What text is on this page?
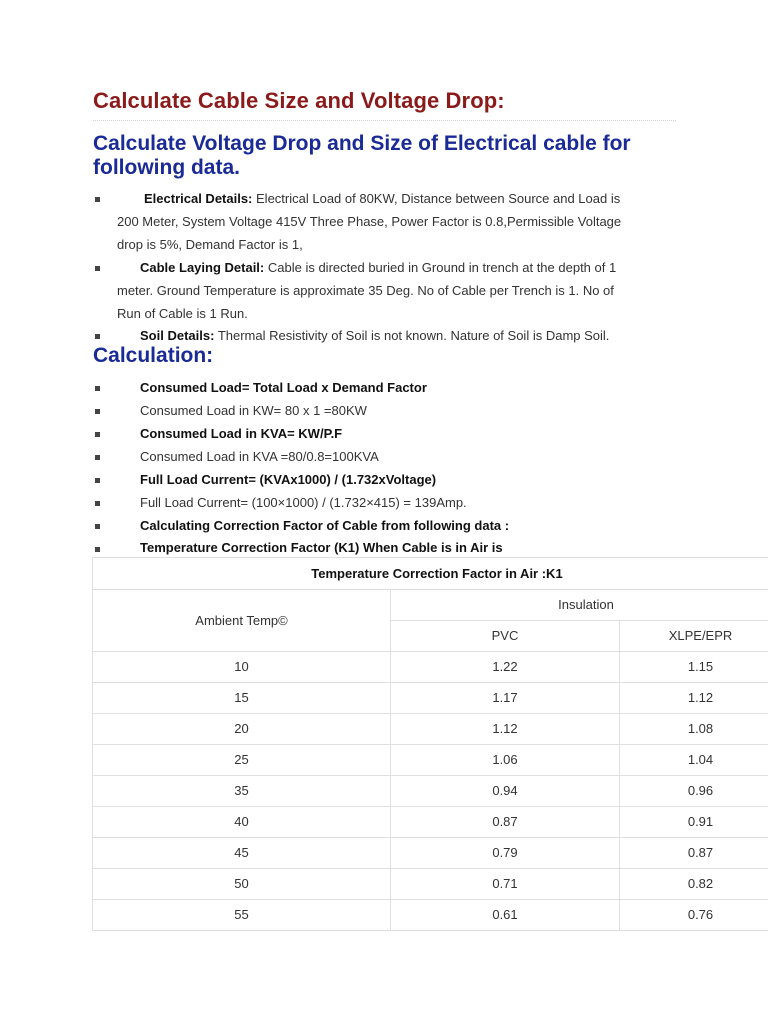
Calculate Cable Size and Voltage Drop:
Calculate Voltage Drop and Size of Electrical cable for following data.
Electrical Details: Electrical Load of 80KW, Distance between Source and Load is
200 Meter, System Voltage 415V Three Phase, Power Factor is 0.8,Permissible Voltage
drop is 5%, Demand Factor is 1,
Cable Laying Detail: Cable is directed buried in Ground in trench at the depth of 1
meter. Ground Temperature is approximate 35 Deg. No of Cable per Trench is 1. No of
Run of Cable is 1 Run.
Soil Details: Thermal Resistivity of Soil is not known. Nature of Soil is Damp Soil.
Calculation:
Consumed Load= Total Load x Demand Factor
Consumed Load in KW= 80 x 1 =80KW
Consumed Load in KVA= KW/P.F
Consumed Load in KVA =80/0.8=100KVA
Full Load Current= (KVAx1000) / (1.732xVoltage)
Full Load Current= (100×1000) / (1.732×415) = 139Amp.
Calculating Correction Factor of Cable from following data :
Temperature Correction Factor (K1) When Cable is in Air is
Temperature Correction Factor in Air :K1		
Ambient Temp©	Insulation	
	PVC	XLPE/EPR
10	1.22	1.15
15	1.17	1.12
20	1.12	1.08
25	1.06	1.04
35	0.94	0.96
40	0.87	0.91
45	0.79	0.87
50	0.71	0.82
55	0.61	0.76
